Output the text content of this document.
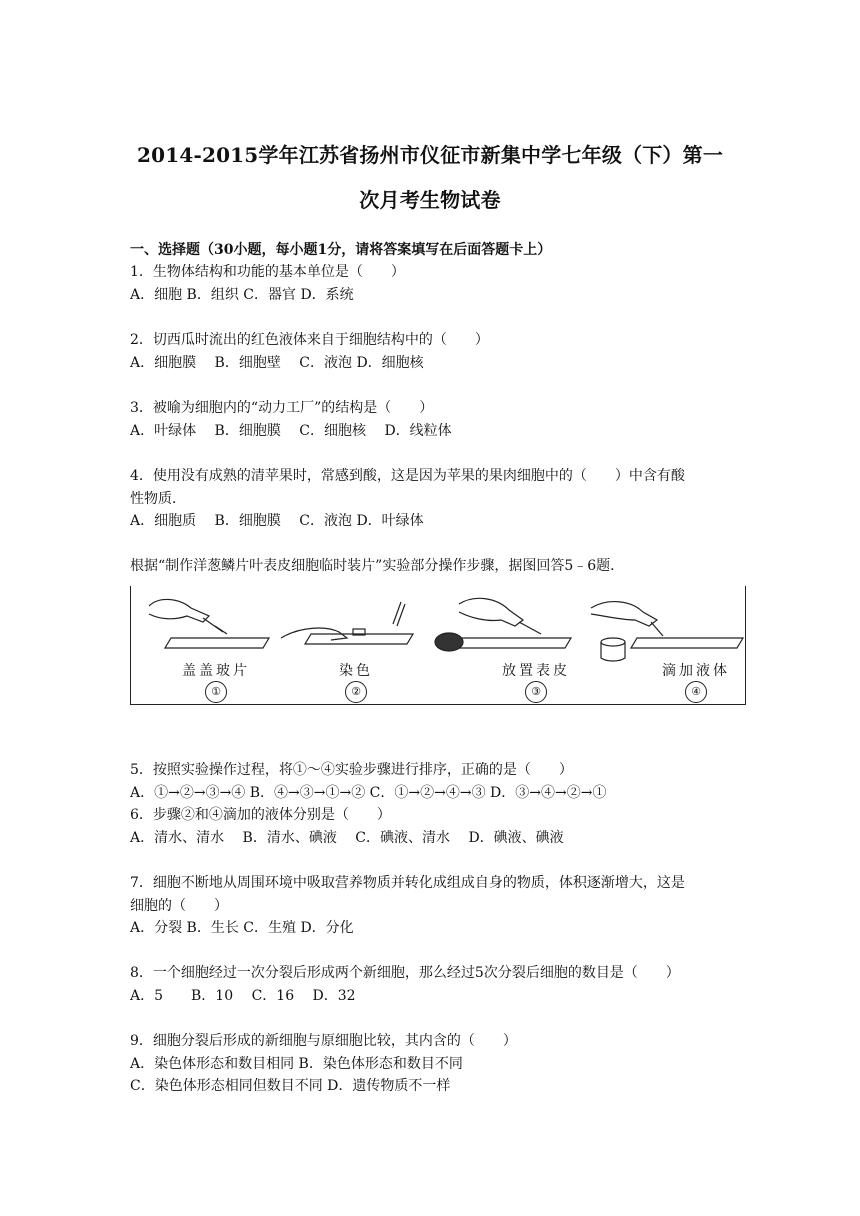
2014-2015学年江苏省扬州市仪征市新集中学七年级（下）第一
次月考生物试卷
一、选择题（30小题，每小题1分，请将答案填写在后面答题卡上）
1．生物体结构和功能的基本单位是（　　）
A．细胞 B．组织 C．器官 D．系统
2．切西瓜时流出的红色液体来自于细胞结构中的（　　）
A．细胞膜　 B．细胞壁　 C．液泡 D．细胞核
3．被喻为细胞内的“动力工厂”的结构是（　　）
A．叶绿体　 B．细胞膜　 C．细胞核　 D．线粒体
4．使用没有成熟的清苹果时，常感到酸，这是因为苹果的果肉细胞中的（　　）中含有酸
性物质．
A．细胞质　 B．细胞膜　 C．液泡 D．叶绿体
根据“制作洋葱鳞片叶表皮细胞临时装片”实验部分操作步骤，据图回答5﹣6题．
盖盖玻片
①
染色
②
放置表皮
③
滴加液体
④
5．按照实验操作过程，将①～④实验步骤进行排序，正确的是（　　）
A．①→②→③→④ B．④→③→①→② C．①→②→④→③ D．③→④→②→①
6．步骤②和④滴加的液体分别是（　　）
A．清水、清水　 B．清水、碘液　 C．碘液、清水　 D．碘液、碘液
7．细胞不断地从周围环境中吸取营养物质并转化成组成自身的物质，体积逐渐增大，这是
细胞的（　　）
A．分裂 B．生长 C．生殖 D．分化
8．一个细胞经过一次分裂后形成两个新细胞，那么经过5次分裂后细胞的数目是（　　）
A．5　　B．10　 C．16　 D．32
9．细胞分裂后形成的新细胞与原细胞比较，其内含的（　　）
A．染色体形态和数目相同 B．染色体形态和数目不同
C．染色体形态相同但数目不同 D．遗传物质不一样
